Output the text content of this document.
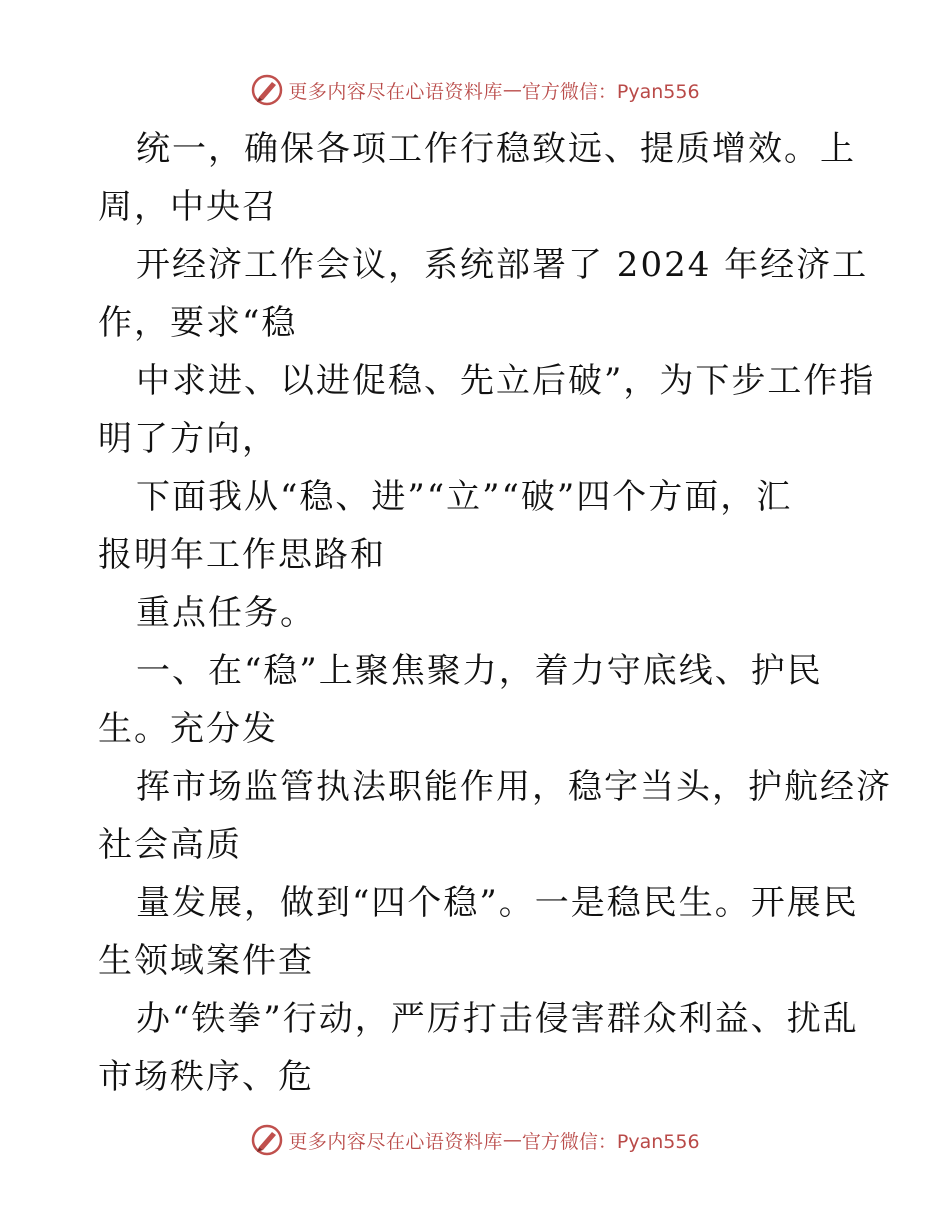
更多内容尽在心语资料库 — 官方微信：Pyan556
统一，确保各项工作行稳致远、提质增效。上
周，中央召
开经济工作会议，系统部署了 2024 年经济工
作，要求“稳
中求进、以进促稳、先立后破”，为下步工作指
明了方向，
下面我从“稳、进”“立”“破”四个方面，汇
报明年工作思路和
重点任务。
一、在“稳”上聚焦聚力，着力守底线、护民
生。充分发
挥市场监管执法职能作用，稳字当头，护航经济
社会高质
量发展，做到“四个稳”。一是稳民生。开展民
生领域案件查
办“铁拳”行动，严厉打击侵害群众利益、扰乱
市场秩序、危
更多内容尽在心语资料库 — 官方微信：Pyan556
